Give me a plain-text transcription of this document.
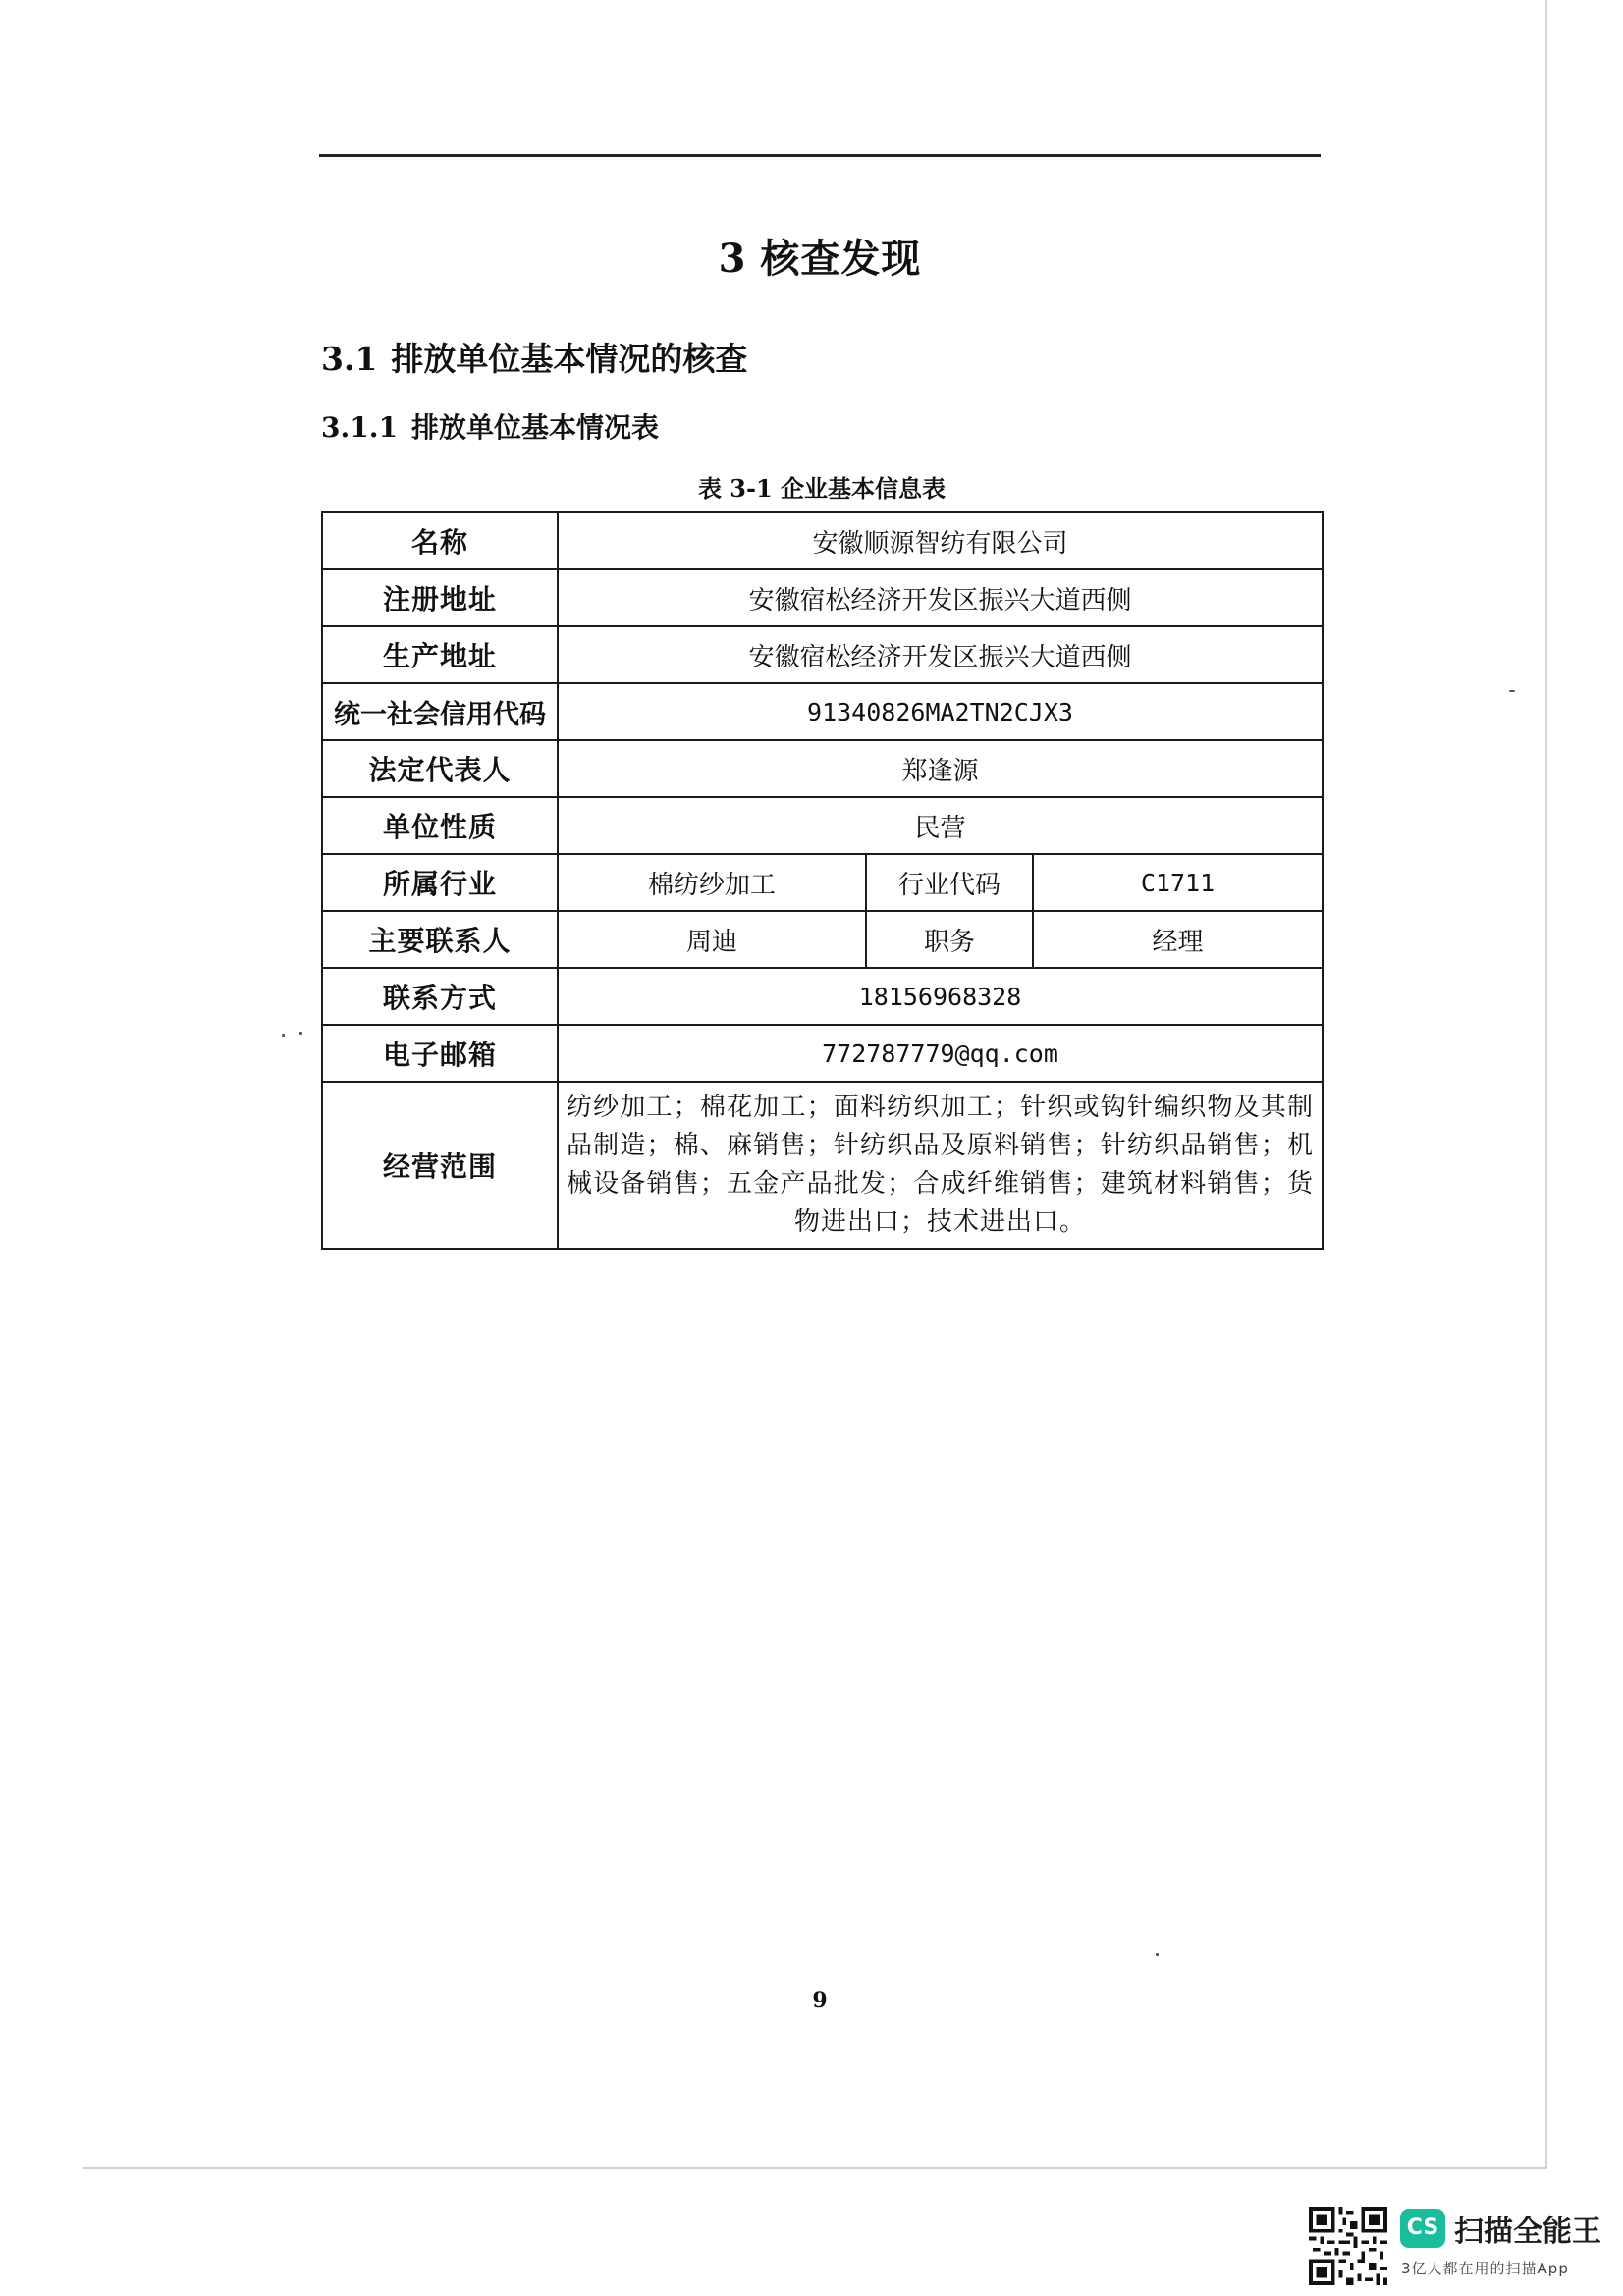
3 核查发现
3.1 排放单位基本情况的核查
3.1.1 排放单位基本情况表
表 3-1 企业基本信息表
名称	安徽顺源智纺有限公司		
注册地址	安徽宿松经济开发区振兴大道西侧		
生产地址	安徽宿松经济开发区振兴大道西侧		
统一社会信用代码	91340826MA2TN2CJX3		
法定代表人	郑逢源		
单位性质	民营		
所属行业	棉纺纱加工	行业代码	C1711
主要联系人	周迪	职务	经理
联系方式	18156968328		
电子邮箱	772787779@qq.com		
经营范围	纺纱加工；棉花加工；面料纺织加工；针织或钩针编织物及其制品制造；棉、麻销售；针纺织品及原料销售；针纺织品销售；机械设备销售；五金产品批发；合成纤维销售；建筑材料销售；货物进出口；技术进出口。		
9
CS 扫描全能王
3亿人都在用的扫描App
